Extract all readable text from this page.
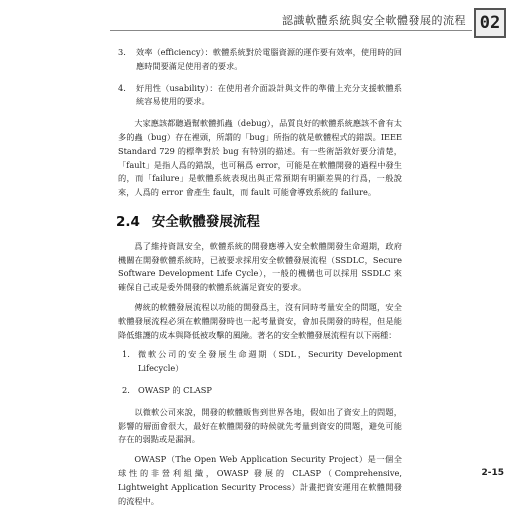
認識軟體系統與安全軟體發展的流程 02
3.	效率（efficiency）：軟體系統對於電腦資源的運作要有效率，使用時的回應時間要滿足使用者的要求。
4.	好用性（usability）：在使用者介面設計與文件的準備上充分支援軟體系統容易使用的要求。

大家應該都聽過幫軟體抓蟲（debug），品質良好的軟體系統應該不會有太多的蟲（bug）存在裡頭，所謂的「bug」所指的就是軟體程式的錯誤。IEEE Standard 729 的標準對於 bug 有特別的描述。有一些術語敘好要分清楚，「fault」是指人爲的錯誤，也可稱爲 error，可能是在軟體開發的過程中發生的，而「failure」是軟體系統表現出與正常預期有明顯差異的行爲，一般說來，人爲的 error 會產生 fault，而 fault 可能會導致系統的 failure。

2.4 安全軟體發展流程

爲了維持資訊安全，軟體系統的開發應導入安全軟體開發生命週期，政府機關在開發軟體系統時，已被要求採用安全軟體發展流程（SSDLC，Secure Software Development Life Cycle），一般的機構也可以採用 SSDLC 來確保自己或是委外開發的軟體系統滿足資安的要求。

傳統的軟體發展流程以功能的開發爲主，沒有同時考量安全的問題，安全軟體發展流程必須在軟體開發時也一起考量資安，會加長開發的時程，但是能降低維護的成本與降低被攻擊的風險。著名的安全軟體發展流程有以下兩種：

1. 微軟公司的安全發展生命週期（SDL，Security Development Lifecycle）
2. OWASP 的 CLASP

以微軟公司來說，開發的軟體販售到世界各地，假如出了資安上的問題，影響的層面會很大，最好在軟體開發的時候就先考量到資安的問題，避免可能存在的弱點或是漏洞。

OWASP（The Open Web Application Security Project）是一個全球性的非營利組織，OWASP 發展的 CLASP（Comprehensive, Lightweight Application Security Process）計畫把資安運用在軟體開發的流程中。

2-15
